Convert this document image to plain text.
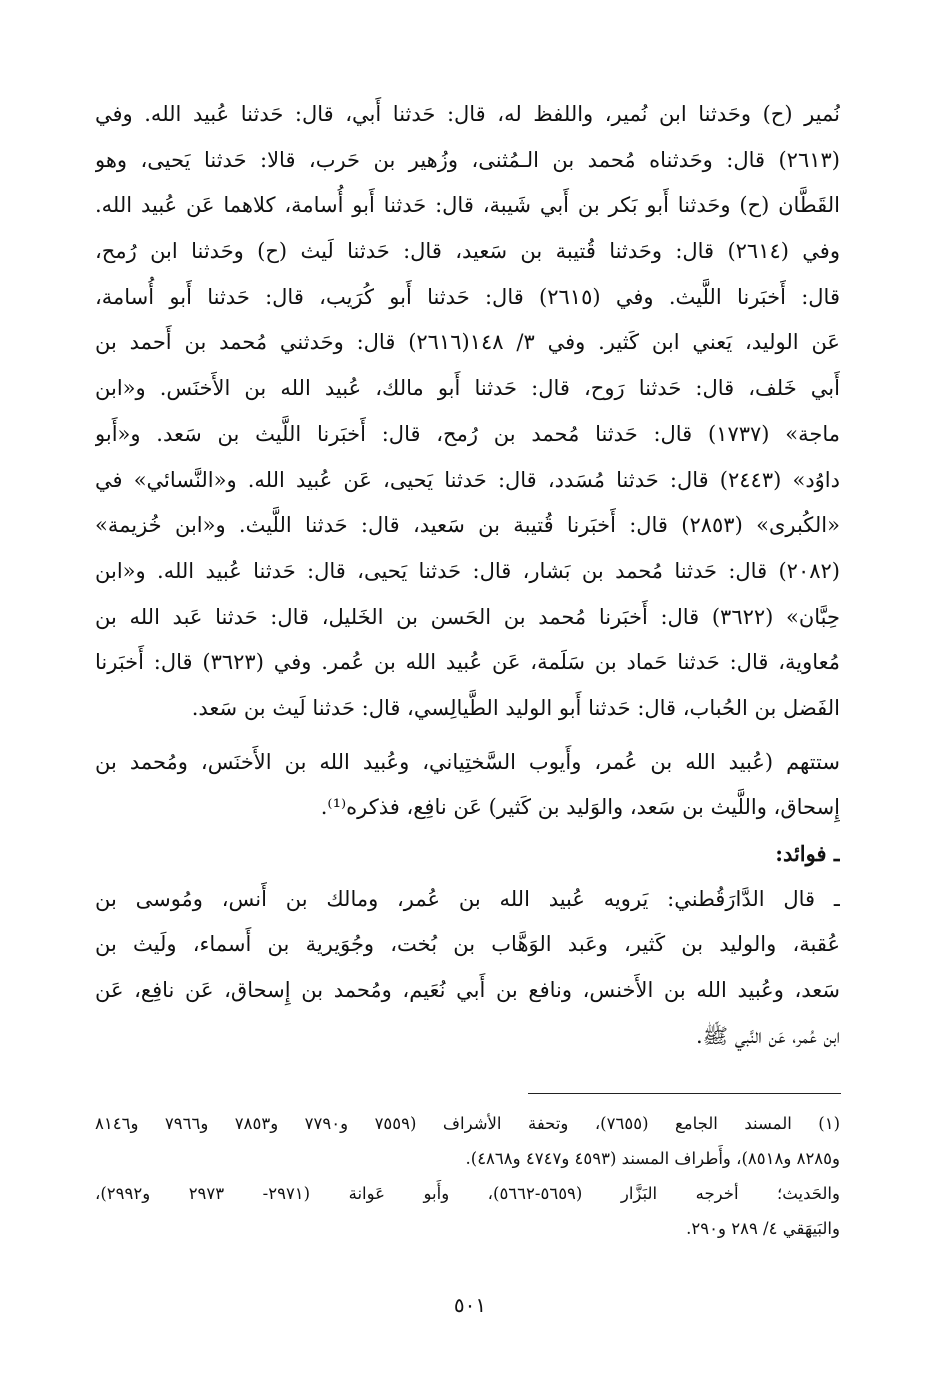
نُمير (ح) وحَدثنا ابن نُمير، واللفظ له، قال: حَدثنا أَبي، قال: حَدثنا عُبيد الله. وفي
(٢٦١٣) قال: وحَدثناه مُحمد بن الـمُثنى، وزُهير بن حَرب، قالا: حَدثنا يَحيى، وهو
القَطَّان (ح) وحَدثنا أَبو بَكر بن أَبي شَيبة، قال: حَدثنا أَبو أُسامة، كلاهما عَن عُبيد الله.
وفي (٢٦١٤) قال: وحَدثنا قُتيبة بن سَعيد، قال: حَدثنا لَيث (ح) وحَدثنا ابن رُمح،
قال: أَخبَرنا اللَّيث. وفي (٢٦١٥) قال: حَدثنا أَبو كُرَيب، قال: حَدثنا أَبو أُسامة،
عَن الوليد، يَعني ابن كَثير. وفي ٣/ ١٤٨(٢٦١٦) قال: وحَدثني مُحمد بن أَحمد بن
أَبي خَلف، قال: حَدثنا رَوح، قال: حَدثنا أَبو مالك، عُبيد الله بن الأَخنَس. و«ابن
ماجة» (١٧٣٧) قال: حَدثنا مُحمد بن رُمح، قال: أَخبَرنا اللَّيث بن سَعد. و«أَبو
داوُد» (٢٤٤٣) قال: حَدثنا مُسَدد، قال: حَدثنا يَحيى، عَن عُبيد الله. و«النَّسائي» في
«الكُبرى» (٢٨٥٣) قال: أَخبَرنا قُتيبة بن سَعيد، قال: حَدثنا اللَّيث. و«ابن خُزيمة»
(٢٠٨٢) قال: حَدثنا مُحمد بن بَشار، قال: حَدثنا يَحيى، قال: حَدثنا عُبيد الله. و«ابن
حِبَّان» (٣٦٢٢) قال: أَخبَرنا مُحمد بن الحَسن بن الخَليل، قال: حَدثنا عَبد الله بن
مُعاوية، قال: حَدثنا حَماد بن سَلَمة، عَن عُبيد الله بن عُمر. وفي (٣٦٢٣) قال: أَخبَرنا
الفَضل بن الحُباب، قال: حَدثنا أَبو الوليد الطَّيالِسي، قال: حَدثنا لَيث بن سَعد.
ستتهم (عُبيد الله بن عُمر، وأَيوب السَّختِياني، وعُبيد الله بن الأَخنَس، ومُحمد بن
إِسحاق، واللَّيث بن سَعد، والوَليد بن كَثير) عَن نافِع، فذكره⁽¹⁾.
ـ فوائد:
ـ قال الدَّارَقُطني: يَرويه عُبيد الله بن عُمر، ومالك بن أَنس، ومُوسى بن
عُقبة، والوليد بن كَثير، وعَبد الوَهَّاب بن بُخت، وجُوَيرية بن أَسماء، ولَيث بن
سَعد، وعُبيد الله بن الأَخنس، ونافع بن أَبي نُعَيم، ومُحمد بن إِسحاق، عَن نافِع، عَن
ابن عُمر، عَن النَّبي ﷺ.
(١) المسند الجامع (٧٦٥٥)، وتحفة الأشراف (٧٥٥٩ و٧٧٩٠ و٧٨٥٣ و٧٩٦٦ و٨١٤٦
و٨٢٨٥ و٨٥١٨)، وأَطراف المسند (٤٥٩٣ و٤٧٤٧ و٤٨٦٨).
والحَديث؛ أخرجه البَزَّار (٥٦٥٩-٥٦٦٢)، وأَبو عَوانة (٢٩٧١- ٢٩٧٣ و٢٩٩٢)،
والبَيهَقي ٤/ ٢٨٩ و٢٩٠.
٥٠١
